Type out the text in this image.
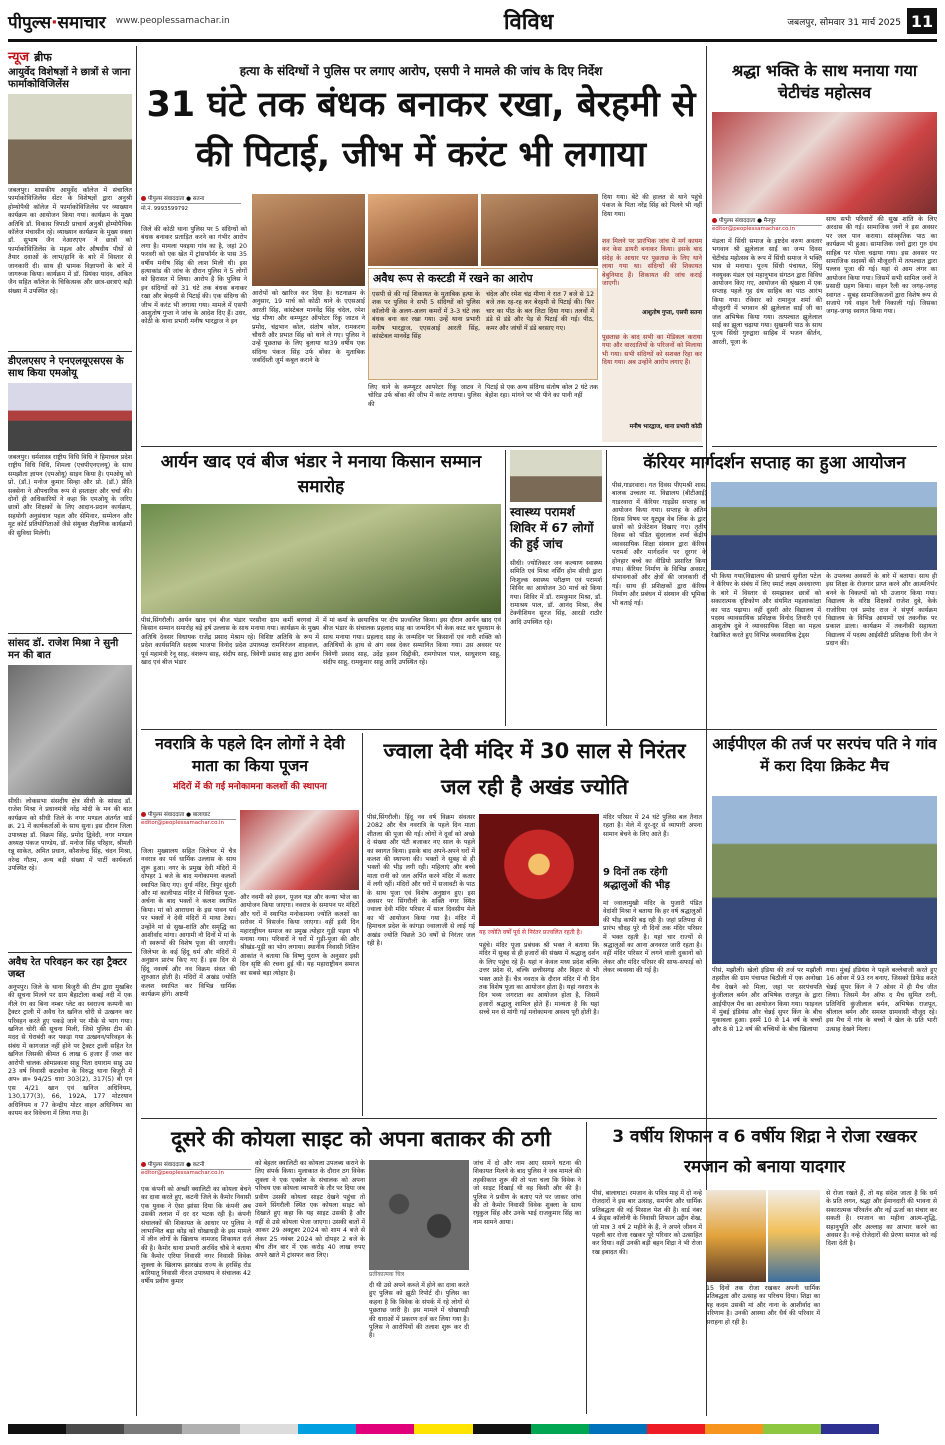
पीपुल्स·समाचार www.peoplessamachar.in	विविध	जबलपुर, सोमवार 31 मार्च 2025 11
न्यूज ब्रीफ
आयुर्वेद विशेषज्ञों ने छात्रों से जाना फार्माकोविजिलेंस
जबलपुर। शासकीय आयुर्वेद कॉलेज में संचालित फार्माकोविजिलेंस सेंटर के विशेषज्ञों द्वारा अनुश्री होम्योपैथी कॉलेज में फार्माकोविजिलेंस पर व्याख्यान कार्यक्रम का आयोजन किया गया। कार्यक्रम के मुख्य अतिथि डॉ. विकास त्रिपाठी प्राचार्य अनुश्री होम्योपैथिक कॉलेज मंचासीन रहे। व्याख्यान कार्यक्रम के मुख्य वक्ता डॉ. सुभाष जैन नेआरएएन ने छात्रों को फार्माकोविजिलेंस के महत्व और औषधीय पौधों से तैयार दवाओं के लाभ/हानि के बारे में विस्तार से जानकारी दी। साथ ही भ्रामक विज्ञापनों के बारे में जागरूक किया। कार्यक्रम में डॉ. प्रियंका यादव, अंकित जैन सहित कॉलेज के चिकित्सक और छात्र-छात्राएं बड़ी संख्या में उपस्थित रहे।
डीएलएसए ने एनएलयूएसएस के साथ किया एमओयू
जबलपुर। धर्मशास्त्र राष्ट्रीय विधि विधि ने हिमाचल प्रदेश राष्ट्रीय विधि विधि, शिमला (एचपीएनएलयू) के साथ समझौता ज्ञापन (एमओयू) साइन किया है। एमओयू को प्रो. (डॉ.) मनोज कुमार सिन्हा और प्रो. (डॉ.) प्रीति सक्सेना ने औपचारिक रूप से हस्ताक्षर और चर्चा की। दोनों ही अधिकारियों ने कहा कि एमओयू के जरिए छात्रों और शिक्षकों के लिए आदान-प्रदान कार्यक्रम, सहयोगी अनुसंधान पहल और सेमिनार, सम्मेलन और मूट कोर्ट प्रतियोगिताओं जैसे संयुक्त शैक्षणिक कार्यक्रमों की सुविधा मिलेगी।
सांसद डॉ. राजेश मिश्रा ने सुनी मन की बात
सीधी। लोकसभा संसदीय क्षेत्र सीधी के सांसद डॉ. राजेश मिश्रा ने प्रधानमंत्री नरेंद्र मोदी के मन की बात कार्यक्रम को सीधी जिले के नगर मण्डल अंतर्गत वार्ड क्र. 21 में कार्यकर्ताओं के साथ सुना। इस दौरान जिला उपाध्यक्ष डॉ. विक्रम सिंह, प्रमोद द्विवेदी, नगर मण्डल अध्यक्ष पंकज पाण्डेय, डॉ. मनोज सिंह परिहार, श्रीमती रन्नू साकेत, अमित प्रधान, कौशलेन्द्र सिंह, चंदन मिश्रा, नरेन्द्र गौतम, अन्य बड़ी संख्या में पार्टी कार्यकर्ता उपस्थित रहे।
अवैध रेत परिवहन कर रहा ट्रैक्टर जब्त
अनूपपुर। जिले के थाना बिजुरी की टीम द्वारा मुखबिर की सूचना मिलने पर ग्राम बैहाटोला कबई नदी में एक नीले रंग का बिना नम्बर प्लेट का स्वराज्य कम्पनी का ट्रैक्टर ट्राली में अवैध रेत खनिज चोरी से उत्खनन कर परिवहन करते हुए पकड़े जाने पर मौके से भाग गया। खनिज चोरी की सूचना मिली, जिसे पुलिस टीम की मदद से घेराबंदी कर पकड़ा गया उत्खनन/परिवहन के संबंध में कागजात नहीं होने पर ट्रैक्टर ट्राली सहित रेत खनिज जिसकी कीमत 6 लाख 6 हजार हैं जब्त कर आरोपी चालक ओमप्रकाश साहू पिता दयाराम साहू उम्र 23 वर्ष निवासी कटकोना के विरुद्ध थाना बिजुरी में अप० क्र० 94/25 धारा 303(2), 317(5) बी एन एस 4/21 खान एवं खनिज अधिनियम, 130,177(3), 66, 192A, 177 मोटरयान अधिनियम व 77 केन्द्रीय मोटर वाहन अधिनियम का कायम कर विवेचना में लिया गया है।
हत्या के संदिग्धों ने पुलिस पर लगाए आरोप, एसपी ने मामले की जांच के दिए निर्देश
31 घंटे तक बंधक बनाकर रखा, बेरहमी से की पिटाई, जीभ में करंट भी लगाया
पीपुल्स संवाददाता ● सतना
मो.नं. 9993599792
जिले की कोठी थाना पुलिस पर 5 संदिग्धों को बंधक बनाकर प्रताड़ित करने का गंभीर आरोप लगा है। मामला पवइया गांव का है, जहां 20 फरवरी को एक खेत में ट्रांसफॉर्मर के पास 35 वर्षीय मनीष सिंह की लाश मिली थी। इस हत्याकांड की जांच के दौरान पुलिस ने 5 लोगों को हिरासत में लिया। आरोप है कि पुलिस ने इन संदिग्धों को 31 घंटे तक बंधक बनाकर रखा और बेरहमी से पिटाई की। एक संदिग्ध की जीभ में करंट भी लगाया गया। मामले में एसपी आशुतोष गुप्ता ने जांच के आदेश दिए हैं। उधर, कोठी के थाना प्रभारी मनीष भारद्वाज ने इन
आरोपों को खारिज कर दिया है। घटनाक्रम के अनुसार, 19 मार्च को कोठी थाने के एएसआई आरती सिंह, कांस्टेबल मानवेंद्र सिंह चंदेल, रमेश चंद्र मीणा और कम्प्यूटर ऑपरेटर रिंकू जाटव ने प्रमोद, चंद्रभान कोल, संतोष कोल, रामकरण चौधरी और प्रभात सिंह को थाने ले गए। पुलिस ने उन्हें पूछताछ के लिए बुलाया था39 वर्षीय एक संदिग्ध पंकज सिंह उर्फ बोंका के मुताबिक जबर्दिस्ती जुर्म कबूल कराने के
अवैध रूप से कस्टडी में रखने का आरोप
एसपी से की गई शिकायत के मुताबिक हत्या के शक पर पुलिस ने सभी 5 संदिग्धों को पुलिस कॉलोनी के अलग-अलग कमरों में 3-3 घंटे तक बंधक बना कर रखा गया। उन्हें थाना प्रभारी मनीष भारद्वाज, एएसआई आरती सिंह, कांस्टेबल मानवेंद्र सिंह
चंदेल और रमेश चंद्र मीणा ने रात 7 बजे से 12 बजे तक रह-रह कर बेरहमी से पिटाई की। फिर चार का पीठ के बल लिटा दिया गया। तलवों में डंडे से डंडे और पेड़ से पिटाई की गई। पीठ, कमर और जांघों में डंडे बरसाए गए।
लिए थाने के कम्प्यूटर आपरेटर रिंकू जाटव ने चोरिङ उर्फ बोंका की जीभ में करंट लगाया। पुलिस की
पिटाई से एक अन्य संदिग्ध संतोष कोल 2 घंटे तक बेहोश रहा। मांगने पर भी पीने का पानी नहीं
दिया गया। बेटे की हालत से थाने पहुंचे पंकज के पिता नरेंद्र सिंह को पिलने भी नहीं दिया गया।
शव मिलने पर प्रारंभिक जांच में मर्ग कायम कर केस डायरी बनाकर किया। इसके बाद संदेह के आधार पर पूछताछ के लिए थाने लाया गया था। संदिग्धों की शिकायत बेबुनियाद हैं। शिकायत की जांच कराई जाएगी।
आशुतोष गुप्ता, एसपी सतना
पूछताछ के बाद सभी का मेडिकल कराया गया और वारदातियों के परिजनों को मिलाया भी गया। सभी संदिग्धों को सशक्त रिहा कर दिया गया। अब उन्होंने आरोप लगाए हैं।
मनीष भारद्वाज, थाना प्रभारी कोठी
श्रद्धा भक्ति के साथ मनाया गया चेटीचंड महोत्सव
पीपुल्स संवाददाता ● मैनपुर
editor@peoplessamachar.co.in
मंडला में सिंधी समाज के इष्टदेव वरुण अवतार भगवान श्री झूलेलाल साईं का जन्म दिवस चेटीचंड महोत्सव के रूप में सिंधी समाज ने भक्ति भाव से मनाया। पूज्य सिंधी पंचायत, सिंधु नवयुवक मंडल एवं महानुभाव संगठन द्वारा विविध आयोजन किए गए, आयोजन की श्रृंखला में एक सप्ताह पहले गृह ग्रंथ साहिब का पाठ आरंभ किया गया। रविवार को रामानुज शर्मा की मौजूदगी में भगवान श्री झूलेलाल साईं जी का जल अभिषेक किया गया। तत्पश्चात झूलेलाल साईं का झूला चढ़ाया गया। सुखमनी पाठ के साथ पूज्य सिंधी गुरुद्वारा साहिब में भजन कीर्तन, आरती, पूजा के
साथ सभी परिवारों की सुख शांति के लिए अरदास की गई। सामाजिक जनों ने इस अवसर पर जल पान कराया। सांस्कृतिक पाठ का कार्यक्रम भी हुआ। सामाजिक जनों द्वारा गुरु ग्रंथ साहिब पर पोला चढ़ाया गया। इस अवसर पर सामाजिक सदस्यों की मौजूदगी में तत्पश्चात द्वारा पल्लव पूजा की गई। यहां से आम लंगर का आयोजन किया गया। जिसमें सभी सामिल जनों ने प्रसादी ग्रहण किया। वाहन रैली का जगह-जगह स्वागत - सुबह सामाजिकजनों द्वारा विशेष रूप से सजाये गये वाहन रैली निकाली गई। जिसका जगह-जगह स्वागत किया गया।
आर्यन खाद एवं बीज भंडार ने मनाया किसान सम्मान समारोह
पीसं,सिंगरौली। आर्यन खाद एवं बीज भंडार परसौना ग्राम कर्मी बरगवां में किसान सम्मान समारोह बड़े हर्ष उल्लास के साथ मनाया गया। कार्यक्रम के मुख्य अतिथि देवसर विधायक राजेंद्र प्रसाद मेश्राम रहे। विशिष्ट अतिथि के रूप में प्रदेश कार्यसमिति सदस्य भाजपा विनोद प्रदेश उपाध्यक्ष रामनिरंजन शाहवाल, पूर्व महामंत्री रेनू साह, वंशरूप साह, संदीप साह, त्रिवेणी प्रसाद साह द्वारा आर्यन खाद एवं बीज भंडार
में मां कर्मा के छायाचित्र पर दीप प्रज्वलित किया। इस दौरान आर्यन खाद एवं बीज भंडार के संचालक प्रहलाद साह का जन्मदिन भी केक काट कर धूमधाम के साथ मनाया गया। प्रहलाद साह के जन्मदिन पर किसानों एवं नारी शक्ति को अतिथियों के हाथ से अंग वस्त्र देकर सम्मानित किया गया। उस अवसर पर त्रिवेणी प्रसाद साह, उदेंद्र हसन सिद्दीकी, रामगोपाल पाल, साधुशरण साहू, संदीप साहू, रामकुमार साहू आदि उपस्थित रहे।
स्वास्थ्य परामर्श शिविर में 67 लोगों की हुई जांच
सीधी। ज्योतिकार जन कल्याण स्वास्थ्य समिति एवं मिश्रा नर्सिंग होम सीधी द्वारा निःशुल्क स्वास्थ्य परीक्षण एवं परामर्श शिविर का आयोजन 30 मार्च को किया गया। शिविर में डॉ. रामकुमार मिश्रा, डॉ. रामाश्रय पाल, डॉ. आनंद मिश्रा, लैब टेक्नीशियन सुरज सिंह, आरडी राठौर आदि उपस्थित रहे।
कॅरियर मार्गदर्शन सप्ताह का हुआ आयोजन
पीसं,गाडरवारा। गत दिवस पीएमश्री शास. बालक उच्चतर मा. विद्यालय (बीटीआई) गाडरवारा में कॅरियर गाइडेंस सप्ताह का आयोजन किया गया। सप्ताह के अंतिम दिवस विषय पर यूट्यूब वेब लिंक के द्वारा छात्रों को प्रेजेंटेशन दिखाए गए। तृतीय दिवस को पंडित सुंदरलाल शर्मा केंद्रीय व्यावसायिक शिक्षा संस्थान द्वारा कॅरियर परामर्श और मार्गदर्शन पर दूरगर के होनहार बच्चे का वीडियो प्रसारित किया गया। कॅरियर निर्माण के विभिन्न अवसर, संभावनाओं और क्षेत्रों की जानकारी दी गई। साथ ही प्रशिक्षकों द्वारा कॅरियर निर्माण और प्रबंधन में संस्थान की भूमिका भी बताई गई।
भी किया गया(विद्यालय की प्राचार्य सुनीता पटेल ने कॅरियर के संबंध में लिए स्मार्ट लक्ष्य अवधारणा के बारे में विस्तार से समझाकर छात्रों को सकारात्मक दृष्टिकोण और संयमित महत्वाकांक्षा का पाठ पढ़ाया। वहीं दूसरी ओर विद्यालय में पदस्थ व्यावसायिक प्रशिक्षक विनोद तिवारी एवं आशुतोष दुबे ने व्यावसायिक शिक्षा का महत्व रेखांकित करते हुए विभिन्न व्यवसायिक ट्रेड्स
के उपलब्ध अवसरों के बारे में बताया। साथ ही इस शिक्षा के रोजगार प्राप्त करने और आत्मनिर्भर बनने के विकल्पों को भी उजागर किया गया। विद्यालय के वरिष्ठ शिक्षकों राजेश दुबे, केके राजोरिया एवं प्रमोद राज ने संपूर्ण कार्यक्रम विद्यालय के विभिन्न आयामों एवं तकनीक पर प्रकाश डाला। कार्यक्रम में तकनीकी सहायता विद्यालय में पदस्थ आईसीटी प्रशिक्षक रिनी जैन ने प्रदान की।
नवरात्रि के पहले दिन लोगों ने देवी माता का किया पूजन
मंदिरों में की गई मनोकामना कलशों की स्थापना
पीपुल्स संवाददाता ● बालाघाट
editor@peoplessamachar.co.in
जिला मुख्यालय सहित जिलेभर में चैत्र नवरात्र का पर्व धार्मिक उल्लास के साथ शुरू हुआ। नगर के प्रमुख देवी मंदिरों में दोपहर 1 बजे के बाद मनोकामना कलशों स्थापित किए गए। दुर्गा मंदिर, त्रिपुर सुंदरी और मां कालीपाठ मंदिर में विधिवत पूजा-अर्चना के बाद भक्तों ने कलश स्थापित किया। मां को आराधना के इस पावन पर्व पर भक्तों ने देवी मंदिरों में माथा टेका। उन्होंने मां से सुख-शांति और समृद्धि का आशीर्वाद मांगा। आगामी नौ दिनों में मां के नौ स्वरूपों की विशेष पूजा की जाएगी। जिलेभर के कई हिंदू धर्म और मंदिरों में अनुष्ठान प्रारंभ किए गए हैं। इस दिन से हिंदू नववर्ष और नव विक्रम संवत की शुरुआत होती है। मंदिरों में अखंड ज्योति कलश स्थापित कर विभिन्न धार्मिक कार्यक्रम होंगे। अष्टमी
और नवमी को हवन, पूजन यज्ञ और कन्या भोज का आयोजन किया जाएगा। नवरात्र के समापन पर मंदिरों और घरों में स्थापित मनोकामना ज्योति कलशों का सरोवर में विसर्जन किया जाएगा। वहीं इसी दिन महाराष्ट्रीयन समाज का प्रमुख त्योहार गुड़ी पड़वा भी मनाया गया। परिवारों ने घरों में गुड़ी-पूजा की और श्रीखंड-पूड़ी का भोग लगाया। स्थानीय निवासी नितिन आकांत ने बताया कि विष्णु पुराण के अनुसार इसी दिन सृष्टि की रचना हुई थी। यह महाराष्ट्रीयन समाज का सबसे बड़ा त्योहार है।
ज्वाला देवी मंदिर में 30 साल से निरंतर जल रही है अखंड ज्योति
पीसं,सिंगरौली। हिंदू नव वर्ष विक्रम संवत्सर 2082 और चैत्र नवरात्रि के पहले दिन माता शीतला की पूजा की गई। लोगों ने दूर्वां को अच्छे दे संख्या और पंटी बजाकर नए साल के पहले का स्वागत किया। इसके बाद अपने-अपने घरों में कलश की स्थापना की। भक्तों ने सुबह से ही भक्तों की भीड़ लगी रही। महिलाएं और बच्चे माता रानी को जल अर्पित करने मंदिर में कतार में लगी रहीं। मंदिरों और घरों में सजावटी के पाठ के साथ पूजा एवं विशेष अनुष्ठान हुए। इस अवसर पर सिंगरौली के शक्ति नगर स्थित ज्वाला देवी मंदिर परिसर में साल दिवसीय मेले का भी आयोजन किया गया है। मंदिर में हिमाचल प्रदेश के कांगड़ा ज्वालाजी से लाई गई अखंड ज्योति पिछले 30 वर्षों से निरंतर जल रही है।
यह ज्योति वर्षों पूर्व से निरंतर प्रज्वलित रहती है।
पहुंचे। मंदिर पूजा प्रबंधक श्री भक्त ने बताया कि मंदिर में सुबह से ही हजारों की संख्या में श्रद्धालु दर्शन के लिए पहुंच रहे हैं। यहां न केवल मध्य प्रदेश बल्कि उत्तर प्रदेश से, बल्कि छत्तीसगढ़ और बिहार से भी भक्त आते हैं। चैत्र नवरात्र के दौरान मंदिर में नौ दिन तक विशेष पूजा का आयोजन होता है। यहां नवरात्र के दिन भव्य जगराता का आयोजन होता है, जिसमें हजारों श्रद्धालु शामिल होते हैं। मान्यता है कि यहां सच्चे मन से मांगी गई मनोकामना अवश्य पूरी होती है।
मंदिर परिसर में 24 घंटे पुलिस बल तैनात रहता है। मेले में दूर-दूर से व्यापारी अपना सामान बेचने के लिए आते हैं।
9 दिनों तक रहेगी श्रद्धालुओं की भीड़
मां ज्वालामुखी मंदिर के पुजारी पंडित वेदांशी मिश्रा ने बताया कि हर वर्ष श्रद्धालुओं की भीड़ काफी बढ़ रही है। जहां प्रतिपदा से प्रारंभ चौदह पूरे नौ दिनों तक मंदिर परिसर में भक्त रहती है। यहां चार राज्यों से श्रद्धालुओं का आना अनवरत जारी रहता है। वहीं मंदिर परिसर में लगने वाली दुकानों को लेकर और मंदिर परिसर की साफ-सफाई को लेकर व्यवस्था की गई है।
आईपीएल की तर्ज पर सरपंच पति ने गांव में करा दिया क्रिकेट मैच
पीसं, मझौली। खेलो इंडिया की तर्ज पर मझौली तहसील की ग्राम पंचायत बिठौली में एक अनोखा मैच देखने को मिला, जहां पर सरपंचपति कुंजीलाल बर्मन और अभिषेक राजपूत के द्वारा आईपीएल मैच का आयोजन किया गया। फाइनल में मुंबई इंडियंस और चेन्नई सुपर किंग के बीच मुकाबला हुआ। इसमें 10 से 14 वर्ष के बच्चों और 8 से 12 वर्ष की बच्चियों के बीच खिलाया
गया। मुंबई इंडियंस ने पहले बल्लेबाजी करते हुए 16 ओवर में 93 रन बनाए, जिसको डिफेंड करते चेन्नई सुपर किंग ने 7 ओवर में ही मैच जीत लिया। जिसमें मैन ऑफ द मैच सुमित रानी, प्रतिनिधि कुंजीलाल बर्मन, अभिषेक राजपूत, श्रीलाल बर्मन और समस्त ग्रामवासी मौजूद रहे। इस मैच में गांव के बच्चों ने खेल के प्रति भारी उत्साह देखने मिला।
दूसरे की कोयला साइट को अपना बताकर की ठगी
पीपुल्स संवाददाता ● कटनी
editor@peoplessamachar.co.in
एक कंपनी को अच्छी क्वालिटी का कोयला बेचने का दावा करते हुए, कटनी जिले के कैमोर निवासी एक युवक ने ऐसा झांसा दिया कि कंपनी अब उसकी तलाश में दर दर भटक रही है। कंपनी संचालकों की शिकायत के आधार पर पुलिस ने लाभान्वित बड़ा कोड़ को धोखाधड़ी के इस मामले में लीन लोगों के खिलाफ नामजद शिकायत दर्ज की है। कैमोर थाना प्रभारी अरविंद चौबे ने बताया कि कैमोर एरिया निवासी नगर निवासी विवेक शुक्ला के खिलाफ झारखंड राज्य के हरसिंह रोड बारियातू निवासी नीरज उपाध्याय ने संचालक 42 वर्षीय प्रवीण कुमार
को बेहतर क्वालिटी का कोयला उपलब्ध कराने के लिए संपर्क किया। मुलाकात के दौरान ठग विवेक शुक्ला ने एक एक्सेल के संचालक को अपना परिचय एक कोयला व्यापारी के तौर पर दिया जब प्रवीण उसकी कोयला साइट देखने पहुंचा तो उसने सिंगरौली स्थित एक कोयला साइट को दिखाते हुए कहा कि यह साइट उसकी है और वहीं से उसे कोयला भेजा जाएगा। उसकी बातों में आकर 29 अक्टूबर 2024 को शाम 4 बजे से लेकर 25 नवंबर 2024 को दोपहर 2 बजे के बीच तीन बार में एक करोड़ 40 लाख रुपए अपने खाते में ट्रांसफर करा लिए।
प्रतीकात्मक चित्र
दी थी उसे अपने कब्जे में होने का दावा करते हुए पुलिस को झूठी रिपोर्ट दी। पुलिस का कहना है कि विवेक के संपर्क में रहे लोगों से पूछताछ जारी है। इस मामले में धोखाधड़ी की धाराओं में प्रकरण दर्ज कर लिया गया है। पुलिस ने आरोपियों की तलाश शुरू कर दी है।
जांच में दो और नाम आए सामने घटना की शिकायत मिलने के बाद पुलिस ने जब मामले की तहकीकात शुरू की तो पता चला कि विवेक ने जो साइट दिखाई थी वह किसी और की है। पुलिस ने प्रवीण के बताए पते पर जाकर जांच की तो कैमोर निवासी विवेक शुक्ला के साथ रघुकुल सिंह और उनके भाई राजकुमार सिंह का नाम सामने आया।
3 वर्षीय शिफान व 6 वर्षीय शिद्रा ने रोजा रखकर रमजान को बनाया यादगार
पीसं, बालाघाट। रमजान के पवित्र माह में दो नन्हे रोजदारों ने इस बार उत्साह, समर्पण और धार्मिक प्रतिबद्धता की नई मिसाल पेश की है। वार्ड नंबर 4 फ्रेंड्स कॉलोनी के निवासी शिफान उद्दीन शेख, जो मात्र 3 वर्ष 2 महीने के हैं, ने अपने जीवन में पहली बार रोजा रखकर पूरे परिवार को उत्साहित कर दिया। वहीं उनकी बड़ी बहन शिद्रा ने भी रोजा रख इबादत की।
15 दिनों तक रोजा रखकर अपनी धार्मिक प्रतिबद्धता और उत्साह का परिचय दिया। शिद्रा का यह कदम उसकी मां और नाना के आशीर्वाद का परिणाम है। उनकी आस्था और धैर्य की परिवार में सराहना हो रही है।
से रोजा रखते हैं, तो यह संदेश जाता है कि धर्म के प्रति लगन, श्रद्धा और ईमानदारी की भावना से सकारात्मक परिवर्तन और नई ऊर्जा का संचार कर सकती है। रमजान का महीना आत्म-शुद्धि, सहानुभूति और अल्लाह का आभार करने का अवसर है। नन्हे रोजेदारों की प्रेरणा समाज को नई दिशा देती है।
